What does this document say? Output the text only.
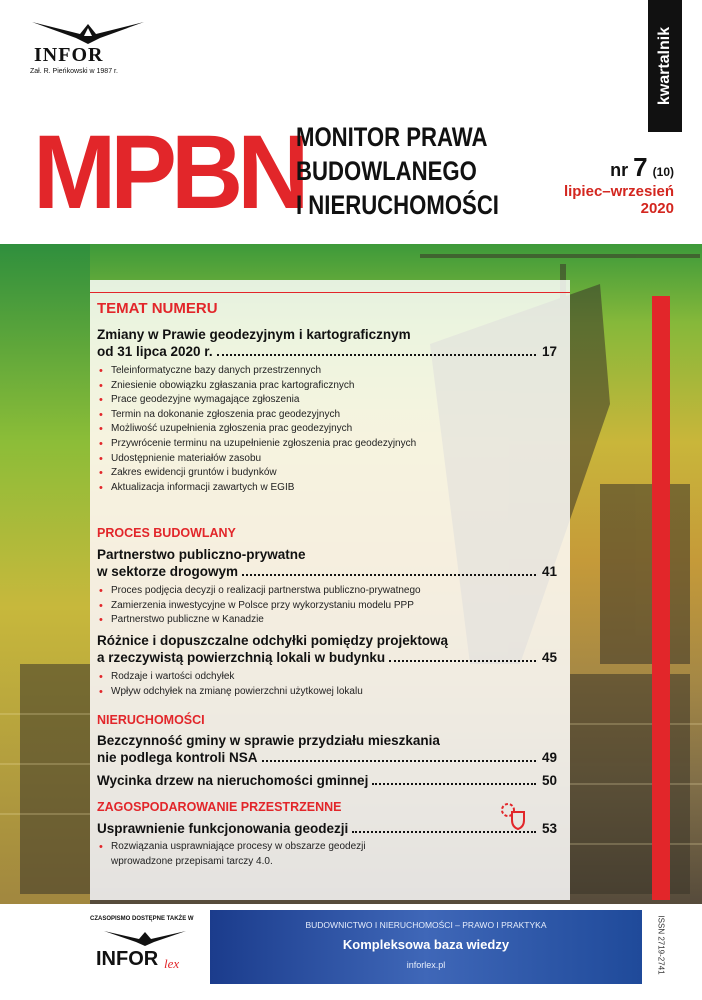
INFOR
Zał. R. Pieńkowski w 1987 r.
MPBN
MONITOR PRAWA
BUDOWLANEGO
I NIERUCHOMOŚCI
kwartalnik
nr 7 (10)
lipiec–wrzesień
2020
TEMAT NUMERU
Zmiany w Prawie geodezyjnym i kartograficznym
od 31 lipca 2020 r.	17
• Teleinformatyczne bazy danych przestrzennych
• Zniesienie obowiązku zgłaszania prac kartograficznych
• Prace geodezyjne wymagające zgłoszenia
• Termin na dokonanie zgłoszenia prac geodezyjnych
• Możliwość uzupełnienia zgłoszenia prac geodezyjnych
• Przywrócenie terminu na uzupełnienie zgłoszenia prac geodezyjnych
• Udostępnienie materiałów zasobu
• Zakres ewidencji gruntów i budynków
• Aktualizacja informacji zawartych w EGIB
PROCES BUDOWLANY
Partnerstwo publiczno-prywatne
w sektorze drogowym	41
• Proces podjęcia decyzji o realizacji partnerstwa publiczno-prywatnego
• Zamierzenia inwestycyjne w Polsce przy wykorzystaniu modelu PPP
• Partnerstwo publiczne w Kanadzie
Różnice i dopuszczalne odchyłki pomiędzy projektową
a rzeczywistą powierzchnią lokali w budynku	45
• Rodzaje i wartości odchyłek
• Wpływ odchyłek na zmianę powierzchni użytkowej lokalu
NIERUCHOMOŚCI
Bezczynność gminy w sprawie przydziału mieszkania
nie podlega kontroli NSA	49
Wycinka drzew na nieruchomości gminnej	50
ZAGOSPODAROWANIE PRZESTRZENNE
Usprawnienie funkcjonowania geodezji	53
• Rozwiązania usprawniające procesy w obszarze geodezji wprowadzone przepisami tarczy 4.0.
CZASOPISMO DOSTĘPNE TAKŻE W
INFOR lex
BUDOWNICTWO I NIERUCHOMOŚCI – PRAWO I PRAKTYKA
Kompleksowa baza wiedzy
inforlex.pl	ISSN 2719-2741
